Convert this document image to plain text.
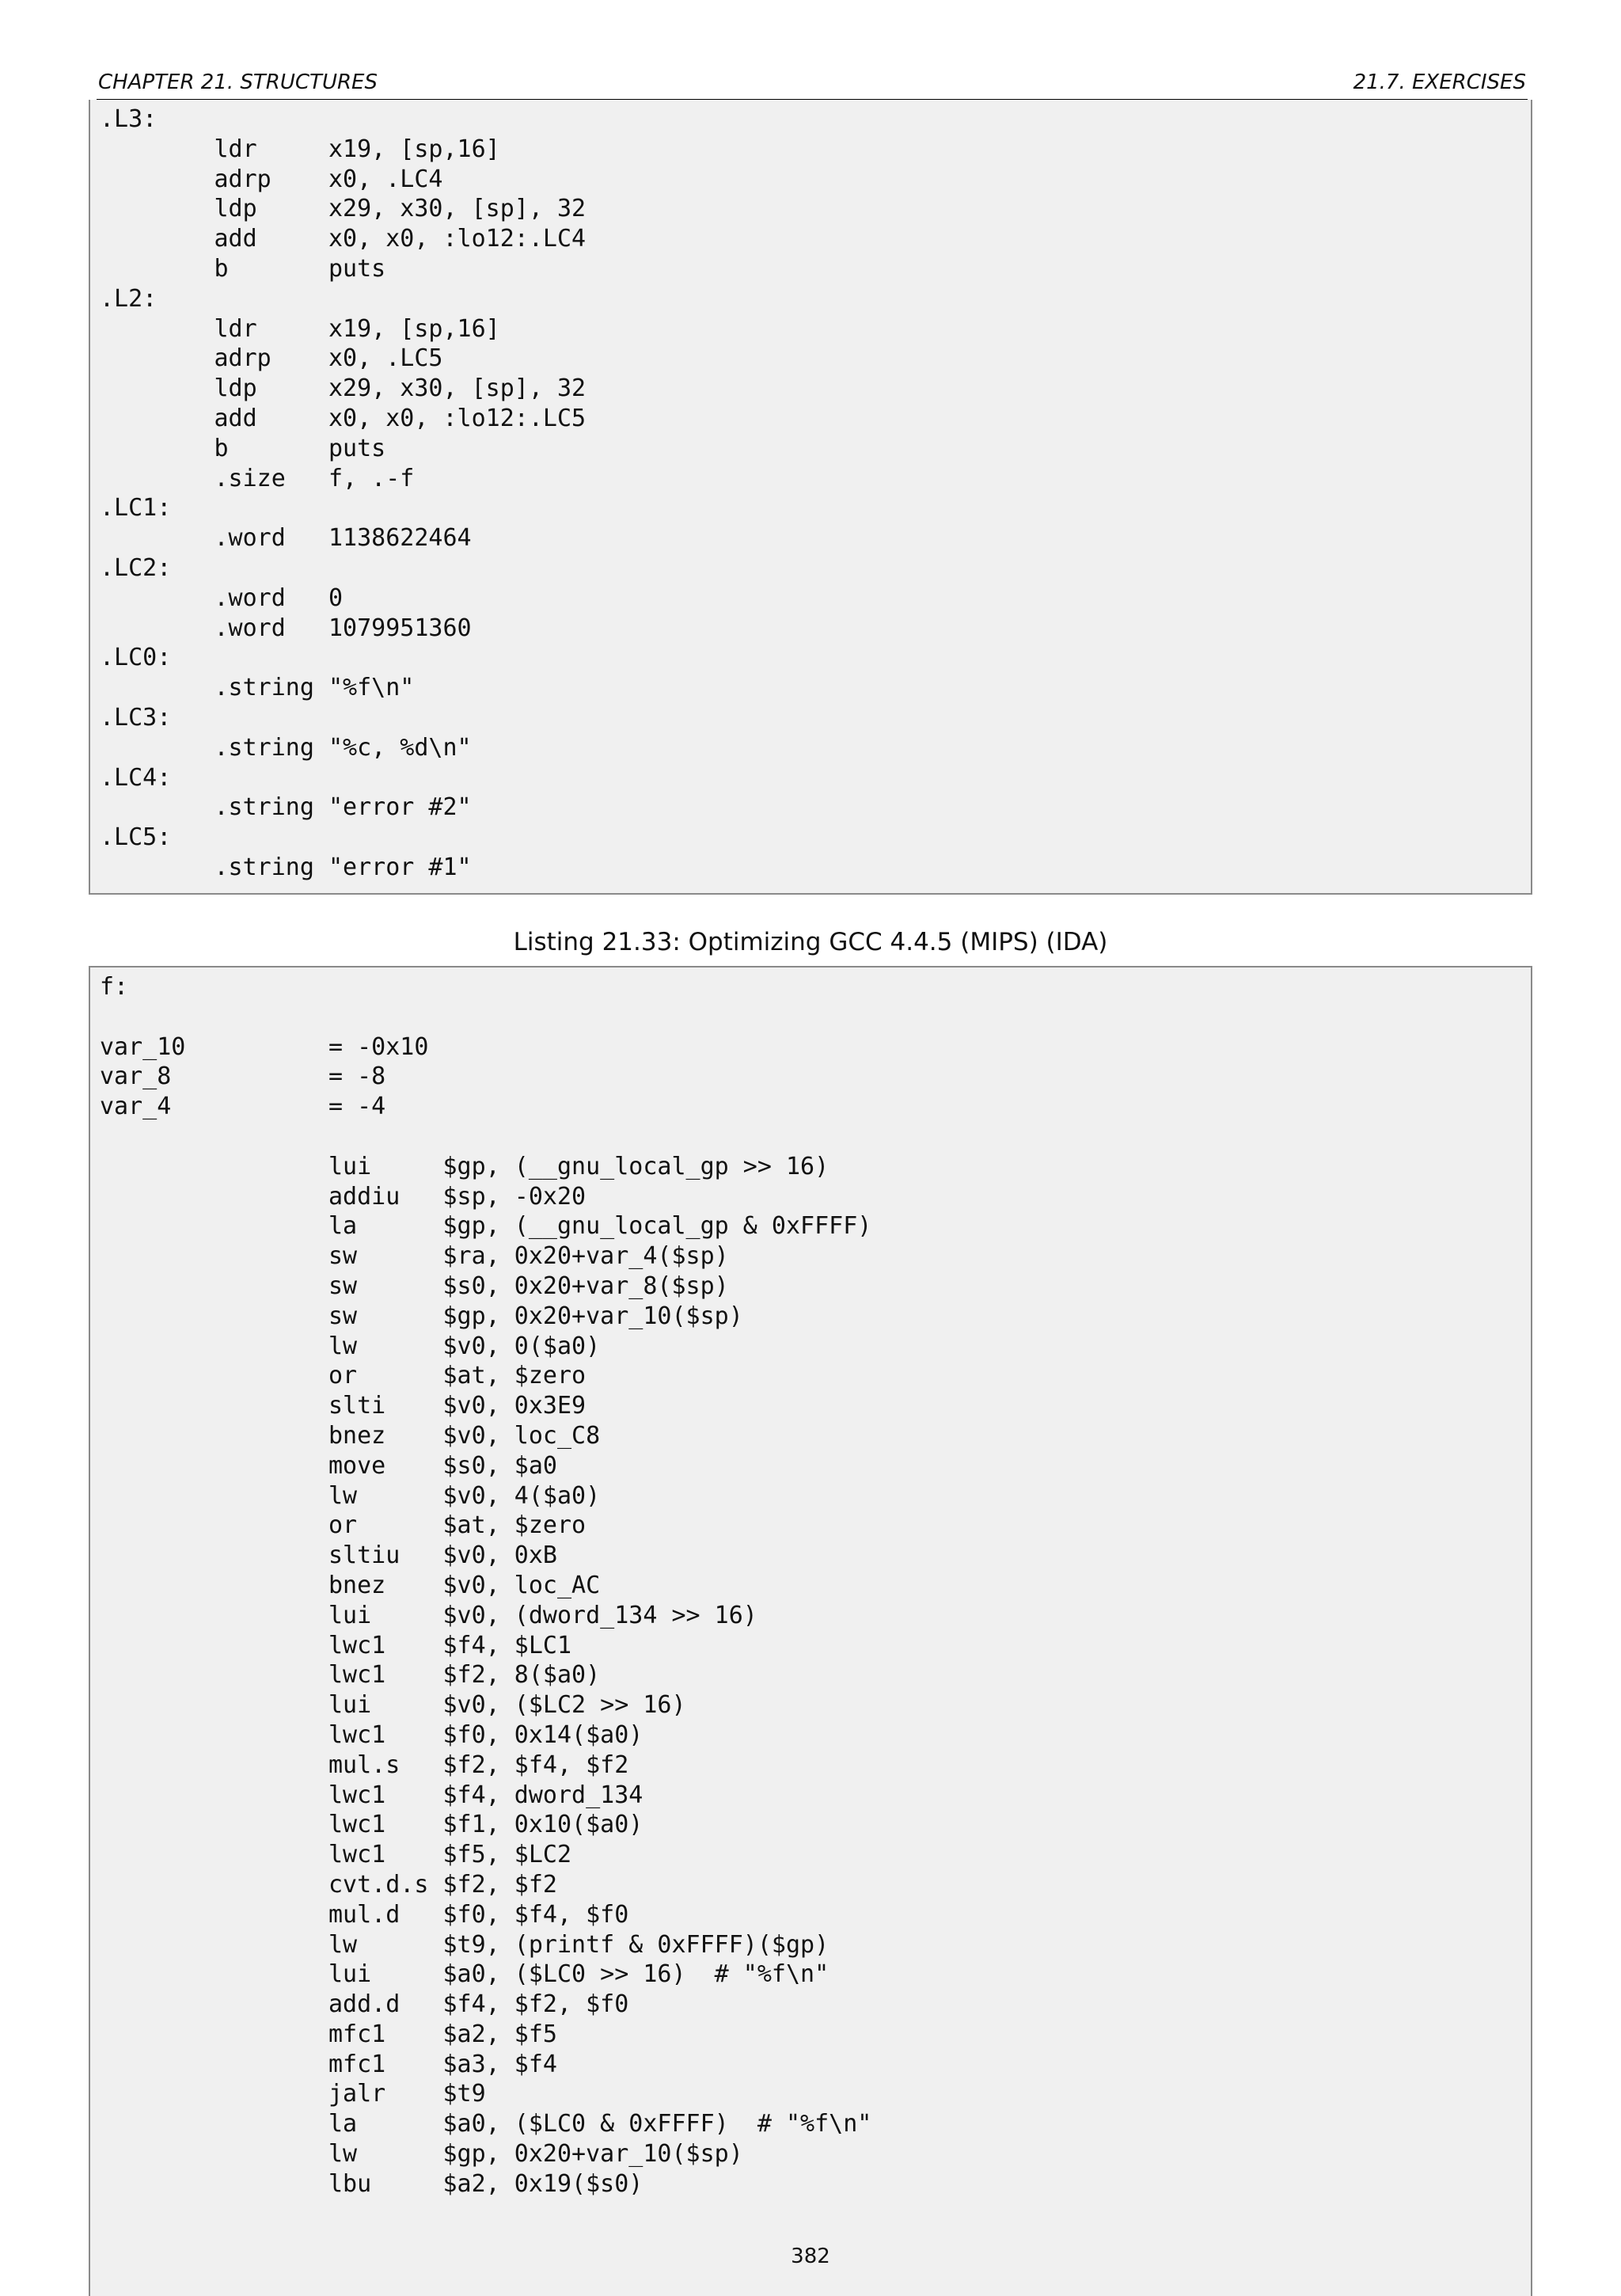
CHAPTER 21. STRUCTURES	21.7. EXERCISES
.L3:
ldr     x19, [sp,16]
adrp    x0, .LC4
ldp     x29, x30, [sp], 32
add     x0, x0, :lo12:.LC4
b       puts
.L2:
ldr     x19, [sp,16]
adrp    x0, .LC5
ldp     x29, x30, [sp], 32
add     x0, x0, :lo12:.LC5
b       puts
.size   f, .-f
.LC1:
.word   1138622464
.LC2:
.word   0
.word   1079951360
.LC0:
.string "%f\n"
.LC3:
.string "%c, %d\n"
.LC4:
.string "error #2"
.LC5:
.string "error #1"
Listing 21.33: Optimizing GCC 4.4.5 (MIPS) (IDA)
f:

var_10          = -0x10
var_8           = -8
var_4           = -4

lui     $gp, (__gnu_local_gp >> 16)
addiu   $sp, -0x20
la      $gp, (__gnu_local_gp & 0xFFFF)
sw      $ra, 0x20+var_4($sp)
sw      $s0, 0x20+var_8($sp)
sw      $gp, 0x20+var_10($sp)
lw      $v0, 0($a0)
or      $at, $zero
slti    $v0, 0x3E9
bnez    $v0, loc_C8
move    $s0, $a0
lw      $v0, 4($a0)
or      $at, $zero
sltiu   $v0, 0xB
bnez    $v0, loc_AC
lui     $v0, (dword_134 >> 16)
lwc1    $f4, $LC1
lwc1    $f2, 8($a0)
lui     $v0, ($LC2 >> 16)
lwc1    $f0, 0x14($a0)
mul.s   $f2, $f4, $f2
lwc1    $f4, dword_134
lwc1    $f1, 0x10($a0)
lwc1    $f5, $LC2
cvt.d.s $f2, $f2
mul.d   $f0, $f4, $f0
lw      $t9, (printf & 0xFFFF)($gp)
lui     $a0, ($LC0 >> 16)  # "%f\n"
add.d   $f4, $f2, $f0
mfc1    $a2, $f5
mfc1    $a3, $f4
jalr    $t9
la      $a0, ($LC0 & 0xFFFF)  # "%f\n"
lw      $gp, 0x20+var_10($sp)
lbu     $a2, 0x19($s0)
382
